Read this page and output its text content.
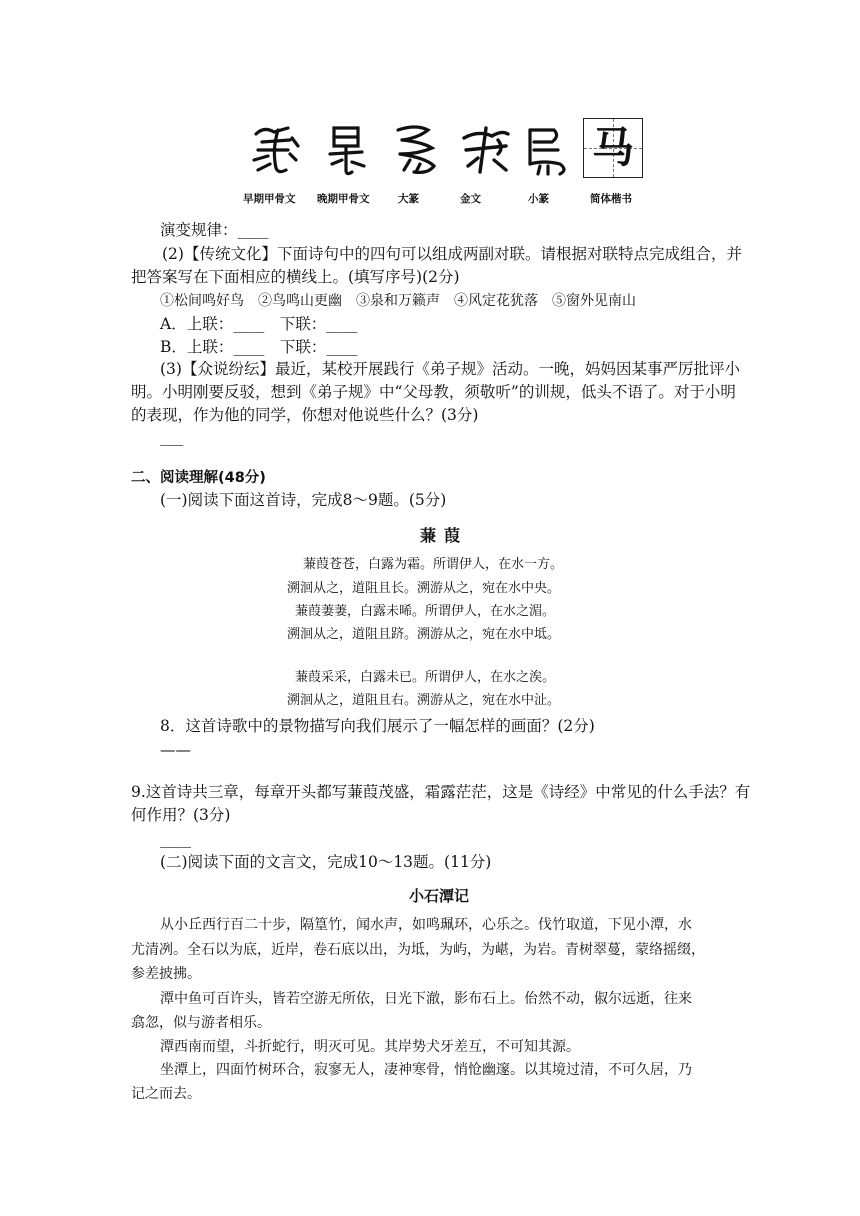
马
早期甲骨文 晚期甲骨文	大篆	金文	小篆	简体楷书
演变规律：____
(2)【传统文化】下面诗句中的四句可以组成两副对联。请根据对联特点完成组合，并
把答案写在下面相应的横线上。(填写序号)(2分)
①松间鸣好鸟　②鸟鸣山更幽　③泉和万籁声　④风定花犹落　⑤窗外见南山
A．上联：____　下联：____
B．上联：____　下联：____
(3)【众说纷纭】最近，某校开展践行《弟子规》活动。一晚，妈妈因某事严厉批评小
明。小明刚要反驳，想到《弟子规》中“父母教，须敬听”的训规，低头不语了。对于小明
的表现，作为他的同学，你想对他说些什么？(3分)
___
二、阅读理解(48分)
(一)阅读下面这首诗，完成8～9题。(5分)
蒹葭
蒹葭苍苍，白露为霜。所谓伊人，在水一方。
溯洄从之，道阻且长。溯游从之，宛在水中央。
蒹葭萋萋，白露未晞。所谓伊人，在水之湄。
溯洄从之，道阻且跻。溯游从之，宛在水中坻。
蒹葭采采，白露未已。所谓伊人，在水之涘。
溯洄从之，道阻且右。溯游从之，宛在水中沚。
8．这首诗歌中的景物描写向我们展示了一幅怎样的画面？(2分)
——
9.这首诗共三章，每章开头都写蒹葭茂盛，霜露茫茫，这是《诗经》中常见的什么手法？有
何作用？(3分)
____
(二)阅读下面的文言文，完成10～13题。(11分)
小石潭记
从小丘西行百二十步，隔篁竹，闻水声，如鸣珮环，心乐之。伐竹取道，下见小潭，水
尤清冽。全石以为底，近岸，卷石底以出，为坻，为屿，为嵁，为岩。青树翠蔓，蒙络摇缀，
参差披拂。
潭中鱼可百许头，皆若空游无所依，日光下澈，影布石上。佁然不动，俶尔远逝，往来
翕忽，似与游者相乐。
潭西南而望，斗折蛇行，明灭可见。其岸势犬牙差互，不可知其源。
坐潭上，四面竹树环合，寂寥无人，凄神寒骨，悄怆幽邃。以其境过清，不可久居，乃
记之而去。
